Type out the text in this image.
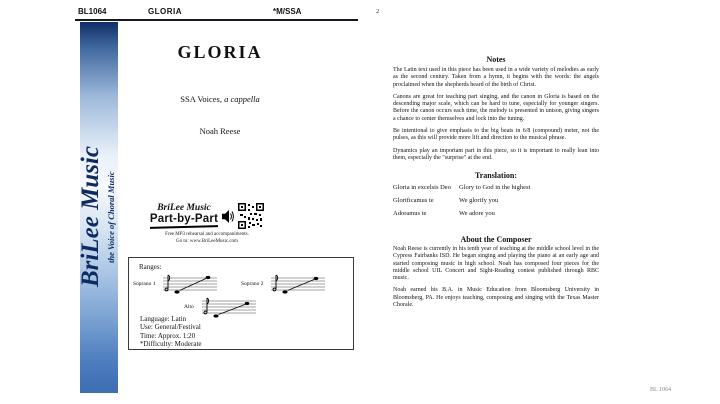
BL1064	GLORIA	*M/SSA
BriLee Music the Voice of Choral Music
GLORIA
SSA Voices, a cappella
Noah Reese
BriLee Music
Part-by-Part
Free MP3 rehearsal and accompaniments.
Go to: www.BriLeeMusic.com
Ranges:
Soprano 1	Soprano 2
Alto
Language: Latin
Use: General/Festival
Time: Approx. 1:20
*Difficulty: Moderate
2
Notes

The Latin text used in this piece has been used in a wide variety of melodies as early as the second century. Taken from a hymn, it begins with the words: the angels proclaimed when the shepherds heard of the birth of Christ.

Canons are great for teaching part singing, and the canon in Gloria is based on the descending major scale, which can be hard to tune, especially for younger singers. Before the canon occurs each time, the melody is presented in unison, giving singers a chance to center themselves and lock into the tuning.

Be intentional to give emphasis to the big beats in 6/8 (compound) meter, not the pulses, as this will provide more lift and direction to the musical phrase.

Dynamics play an important part in this piece, so it is important to really lean into them, especially the "surprise" at the end.

Translation:
Gloria in excelsis Deo	Glory to God in the highest
Glorificamus te	We glorify you
Adoramus te	We adore you
About the Composer

Noah Reese is currently in his tenth year of teaching at the middle school level in the Cypress Fairbanks ISD. He began singing and playing the piano at an early age and started composing music in high school. Noah has composed four pieces for the middle school UIL Concert and Sight-Reading contest published through RBC music.

Noah earned his B.A. in Music Education from Bloomsberg University in Bloomsberg, PA. He enjoys teaching, composing and singing with the Texas Master Chorale.

BL 1064
